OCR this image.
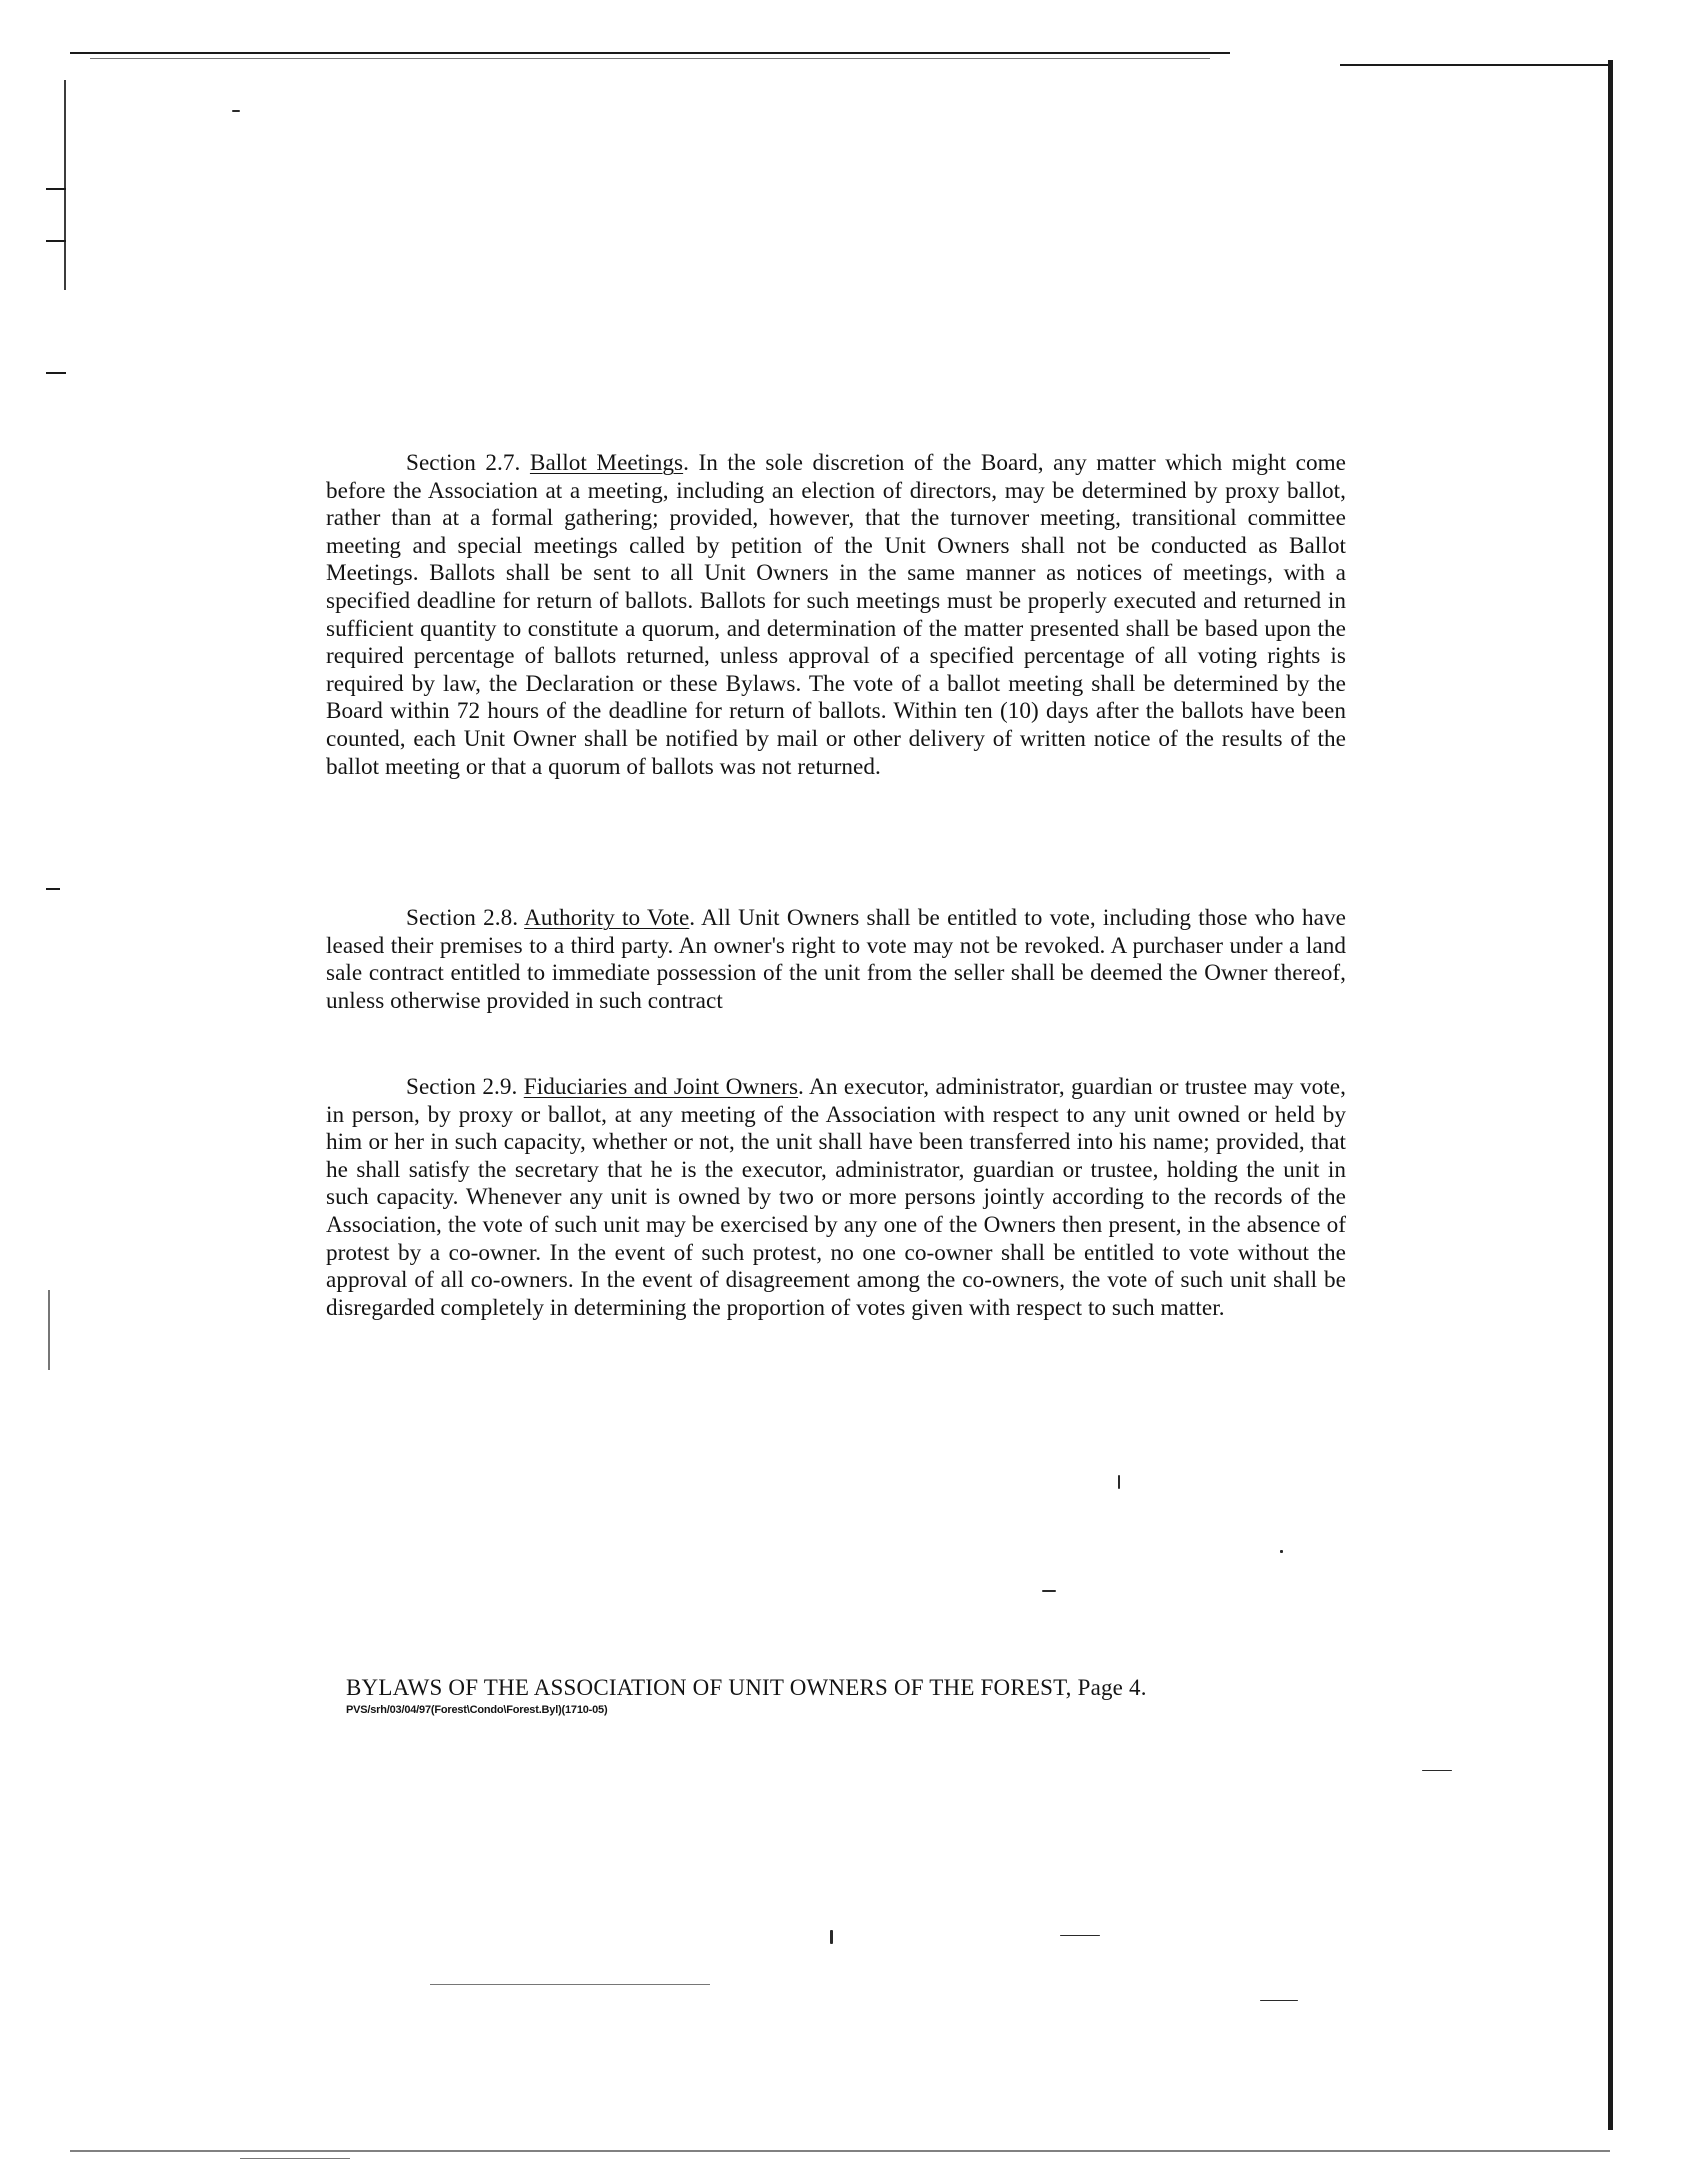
Section 2.7. Ballot Meetings. In the sole discretion of the Board, any matter which might come before the Association at a meeting, including an election of directors, may be determined by proxy ballot, rather than at a formal gathering; provided, however, that the turnover meeting, transitional committee meeting and special meetings called by petition of the Unit Owners shall not be conducted as Ballot Meetings. Ballots shall be sent to all Unit Owners in the same manner as notices of meetings, with a specified deadline for return of ballots. Ballots for such meetings must be properly executed and returned in sufficient quantity to constitute a quorum, and determination of the matter presented shall be based upon the required percentage of ballots returned, unless approval of a specified percentage of all voting rights is required by law, the Declaration or these Bylaws. The vote of a ballot meeting shall be determined by the Board within 72 hours of the deadline for return of ballots. Within ten (10) days after the ballots have been counted, each Unit Owner shall be notified by mail or other delivery of written notice of the results of the ballot meeting or that a quorum of ballots was not returned.

Section 2.8. Authority to Vote. All Unit Owners shall be entitled to vote, including those who have leased their premises to a third party. An owner's right to vote may not be revoked. A purchaser under a land sale contract entitled to immediate possession of the unit from the seller shall be deemed the Owner thereof, unless otherwise provided in such contract

Section 2.9. Fiduciaries and Joint Owners. An executor, administrator, guardian or trustee may vote, in person, by proxy or ballot, at any meeting of the Association with respect to any unit owned or held by him or her in such capacity, whether or not, the unit shall have been transferred into his name; provided, that he shall satisfy the secretary that he is the executor, administrator, guardian or trustee, holding the unit in such capacity. Whenever any unit is owned by two or more persons jointly according to the records of the Association, the vote of such unit may be exercised by any one of the Owners then present, in the absence of protest by a co-owner. In the event of such protest, no one co-owner shall be entitled to vote without the approval of all co-owners. In the event of disagreement among the co-owners, the vote of such unit shall be disregarded completely in determining the proportion of votes given with respect to such matter.

BYLAWS OF THE ASSOCIATION OF UNIT OWNERS OF THE FOREST, Page 4.
PVS/srh/03/04/97(Forest\Condo\Forest.Byl)(1710-05)
